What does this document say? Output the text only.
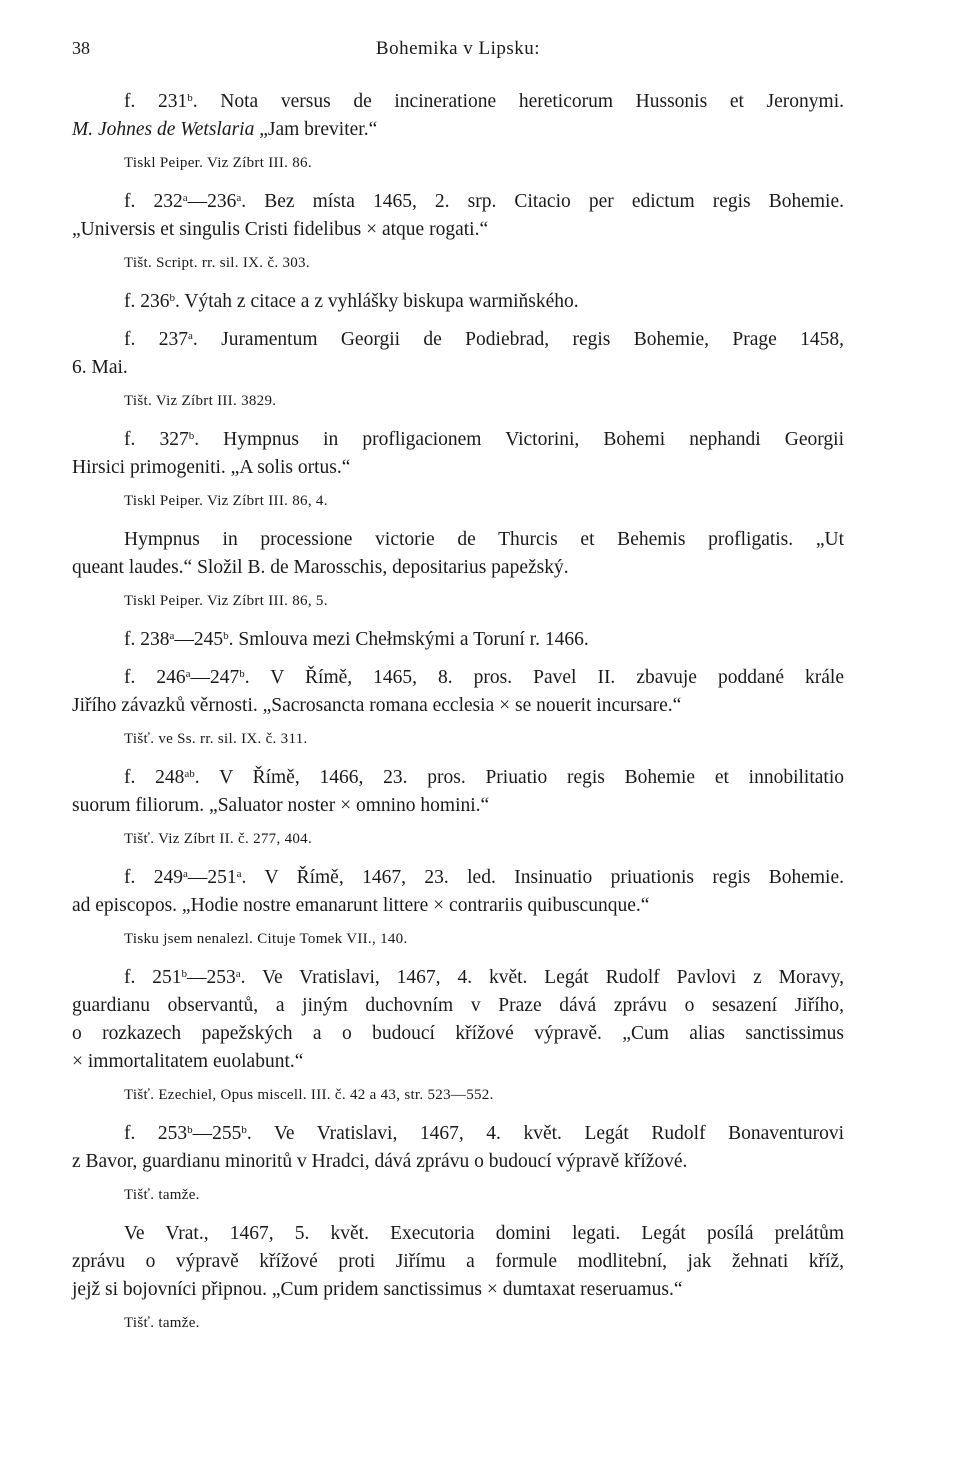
38	Bohemika v Lipsku:

f. 231$^b$. Nota versus de incineratione hereticorum Hussonis et Jeronymi.

M. Johnes de Wetslaria „Jam breviter.“

Tiskl Peiper. Viz Zíbrt III. 86.

f. 232$^a$—236$^a$. Bez místa 1465, 2. srp. Citacio per edictum regis Bohemie.

„Universis et singulis Cristi fidelibus × atque rogati.“

Tišt. Script. rr. sil. IX. č. 303.

f. 236$^b$. Výtah z citace a z vyhlášky biskupa warmiňského.

f. 237$^a$. Juramentum Georgii de Podiebrad, regis Bohemie, Prage 1458,

6. Mai.

Tišt. Viz Zíbrt III. 3829.

f. 327$^b$. Hympnus in profligacionem Victorini, Bohemi nephandi Georgii

Hirsici primogeniti. „A solis ortus.“

Tiskl Peiper. Viz Zíbrt III. 86, 4.

Hympnus in processione victorie de Thurcis et Behemis profligatis. „Ut

queant laudes.“ Složil B. de Marosschis, depositarius papežský.

Tiskl Peiper. Viz Zíbrt III. 86, 5.

f. 238$^a$—245$^b$. Smlouva mezi Chełmskými a Toruní r. 1466.

f. 246$^a$—247$^b$. V Římě, 1465, 8. pros. Pavel II. zbavuje poddané krále

Jiřího závazků věrnosti. „Sacrosancta romana ecclesia × se nouerit incursare.“

Tišť. ve Ss. rr. sil. IX. č. 311.

f. $248^{ab}$. V Římě, 1466, 23. pros. Priuatio regis Bohemie et innobilitatio

suorum filiorum. „Saluator noster × omnino homini.“

Tišť. Viz Zíbrt II. č. 277, 404.

f. 249$^a$—251$^a$. V Římě, 1467, 23. led. Insinuatio priuationis regis Bohemie.

ad episcopos. „Hodie nostre emanarunt littere × contrariis quibuscunque.“

Tisku jsem nenalezl. Cituje Tomek VII., 140.

f. 251$^b$—253$^a$. Ve Vratislavi, 1467, 4. květ. Legát Rudolf Pavlovi z Moravy,

guardianu observantů, a jiným duchovním v Praze dává zprávu o sesazení Jiřího,

o rozkazech papežských a o budoucí křížové výpravě. „Cum alias sanctissimus

× immortalitatem euolabunt.“

Tišť. Ezechiel, Opus miscell. III. č. 42 a 43, str. 523—552.

f. 253$^b$—255$^b$. Ve Vratislavi, 1467, 4. květ. Legát Rudolf Bonaventurovi

z Bavor, guardianu minoritů v Hradci, dává zprávu o budoucí výpravě křížové.

Tišť. tamže.

Ve Vrat., 1467, 5. květ. Executoria domini legati. Legát posílá prelátům

zprávu o výpravě křížové proti Jiřímu a formule modlitební, jak žehnati kříž,

jejž si bojovníci připnou. „Cum pridem sanctissimus × dumtaxat reseruamus.“

Tišť. tamže.
